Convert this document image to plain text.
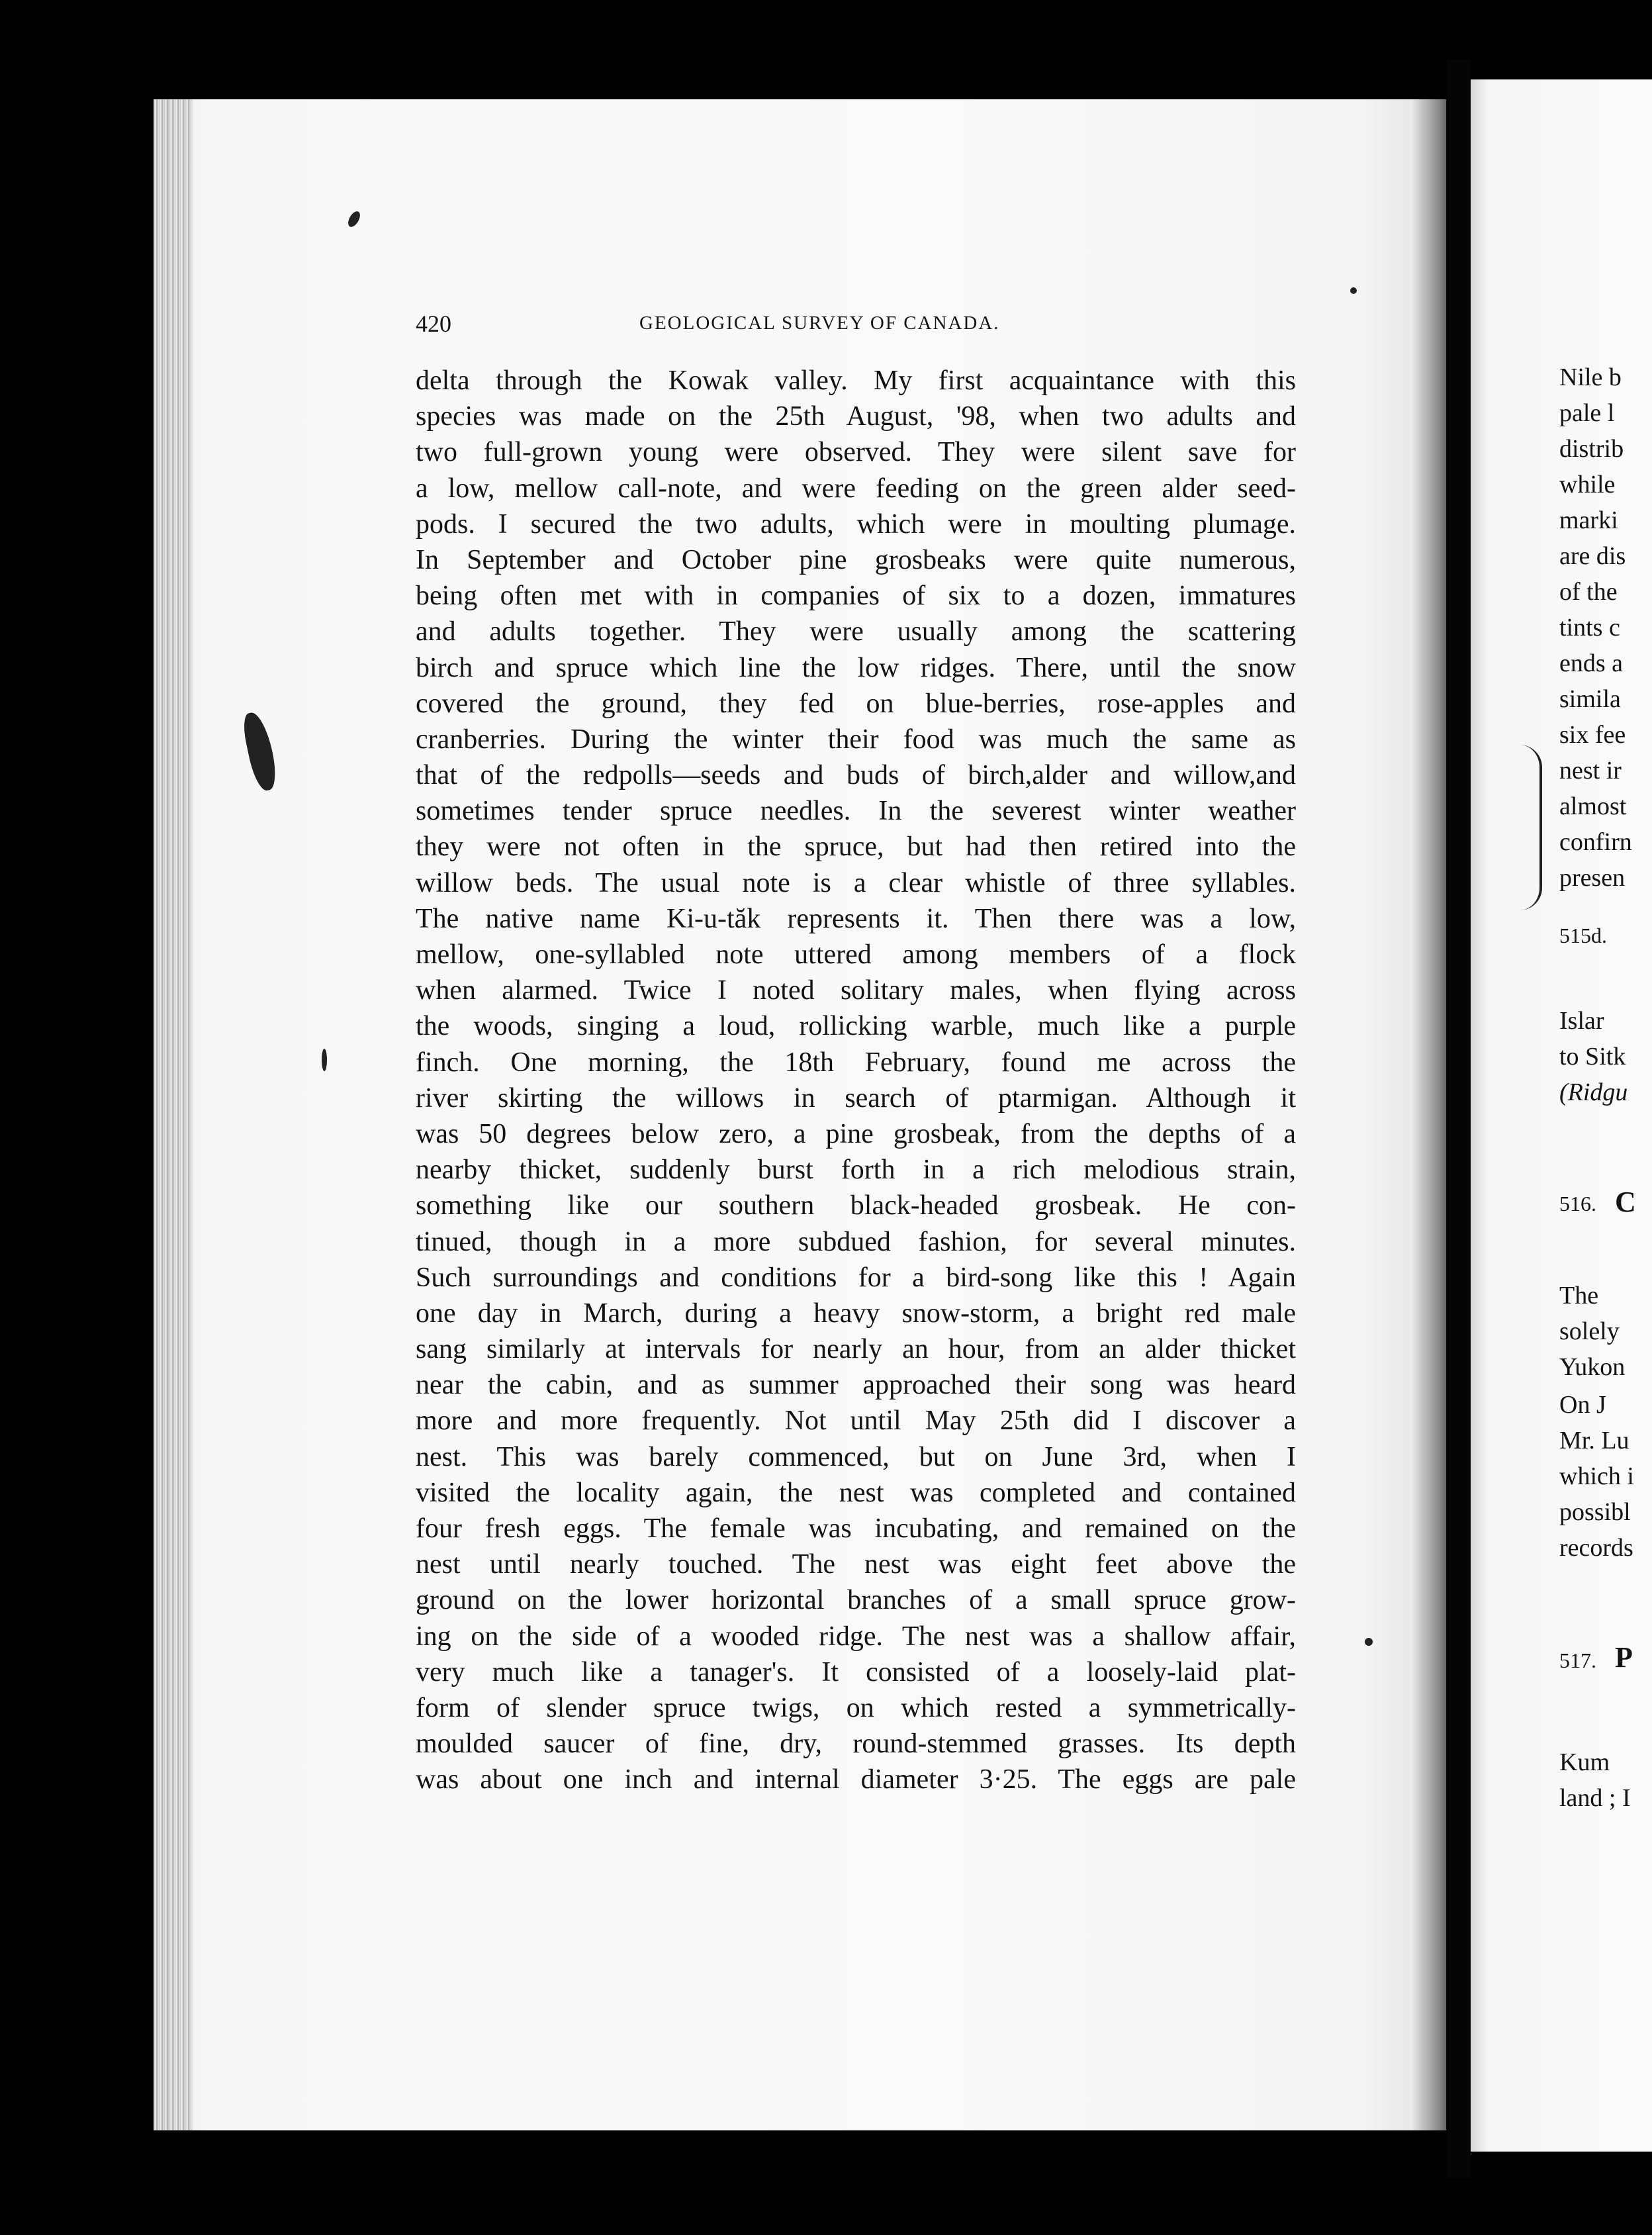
420	GEOLOGICAL SURVEY OF CANADA.
delta through the Kowak valley. My first acquaintance with this
species was made on the 25th August, '98, when two adults and
two full-grown young were observed. They were silent save for
a low, mellow call-note, and were feeding on the green alder seed-
pods. I secured the two adults, which were in moulting plumage.
In September and October pine grosbeaks were quite numerous,
being often met with in companies of six to a dozen, immatures
and adults together. They were usually among the scattering
birch and spruce which line the low ridges. There, until the snow
covered the ground, they fed on blue-berries, rose-apples and
cranberries. During the winter their food was much the same as
that of the redpolls—seeds and buds of birch,alder and willow,and
sometimes tender spruce needles. In the severest winter weather
they were not often in the spruce, but had then retired into the
willow beds. The usual note is a clear whistle of three syllables.
The native name Ki-u-tăk represents it. Then there was a low,
mellow, one-syllabled note uttered among members of a flock
when alarmed. Twice I noted solitary males, when flying across
the woods, singing a loud, rollicking warble, much like a purple
finch. One morning, the 18th February, found me across the
river skirting the willows in search of ptarmigan. Although it
was 50 degrees below zero, a pine grosbeak, from the depths of a
nearby thicket, suddenly burst forth in a rich melodious strain,
something like our southern black-headed grosbeak. He con-
tinued, though in a more subdued fashion, for several minutes.
Such surroundings and conditions for a bird-song like this ! Again
one day in March, during a heavy snow-storm, a bright red male
sang similarly at intervals for nearly an hour, from an alder thicket
near the cabin, and as summer approached their song was heard
more and more frequently. Not until May 25th did I discover a
nest. This was barely commenced, but on June 3rd, when I
visited the locality again, the nest was completed and contained
four fresh eggs. The female was incubating, and remained on the
nest until nearly touched. The nest was eight feet above the
ground on the lower horizontal branches of a small spruce grow-
ing on the side of a wooded ridge. The nest was a shallow affair,
very much like a tanager's. It consisted of a loosely-laid plat-
form of slender spruce twigs, on which rested a symmetrically-
moulded saucer of fine, dry, round-stemmed grasses. Its depth
was about one inch and internal diameter 3·25. The eggs are pale
Nile b
pale l
distrib
while
marki
are dis
of the
tints c
ends a
simila
six fee
nest ir
almost
confirn
presen
515d.
Islar
to Sitk
(Ridgu
516. C
The
solely
Yukon
On J
Mr. Lu
which i
possibl
records
517. P
Kum
land ; I
